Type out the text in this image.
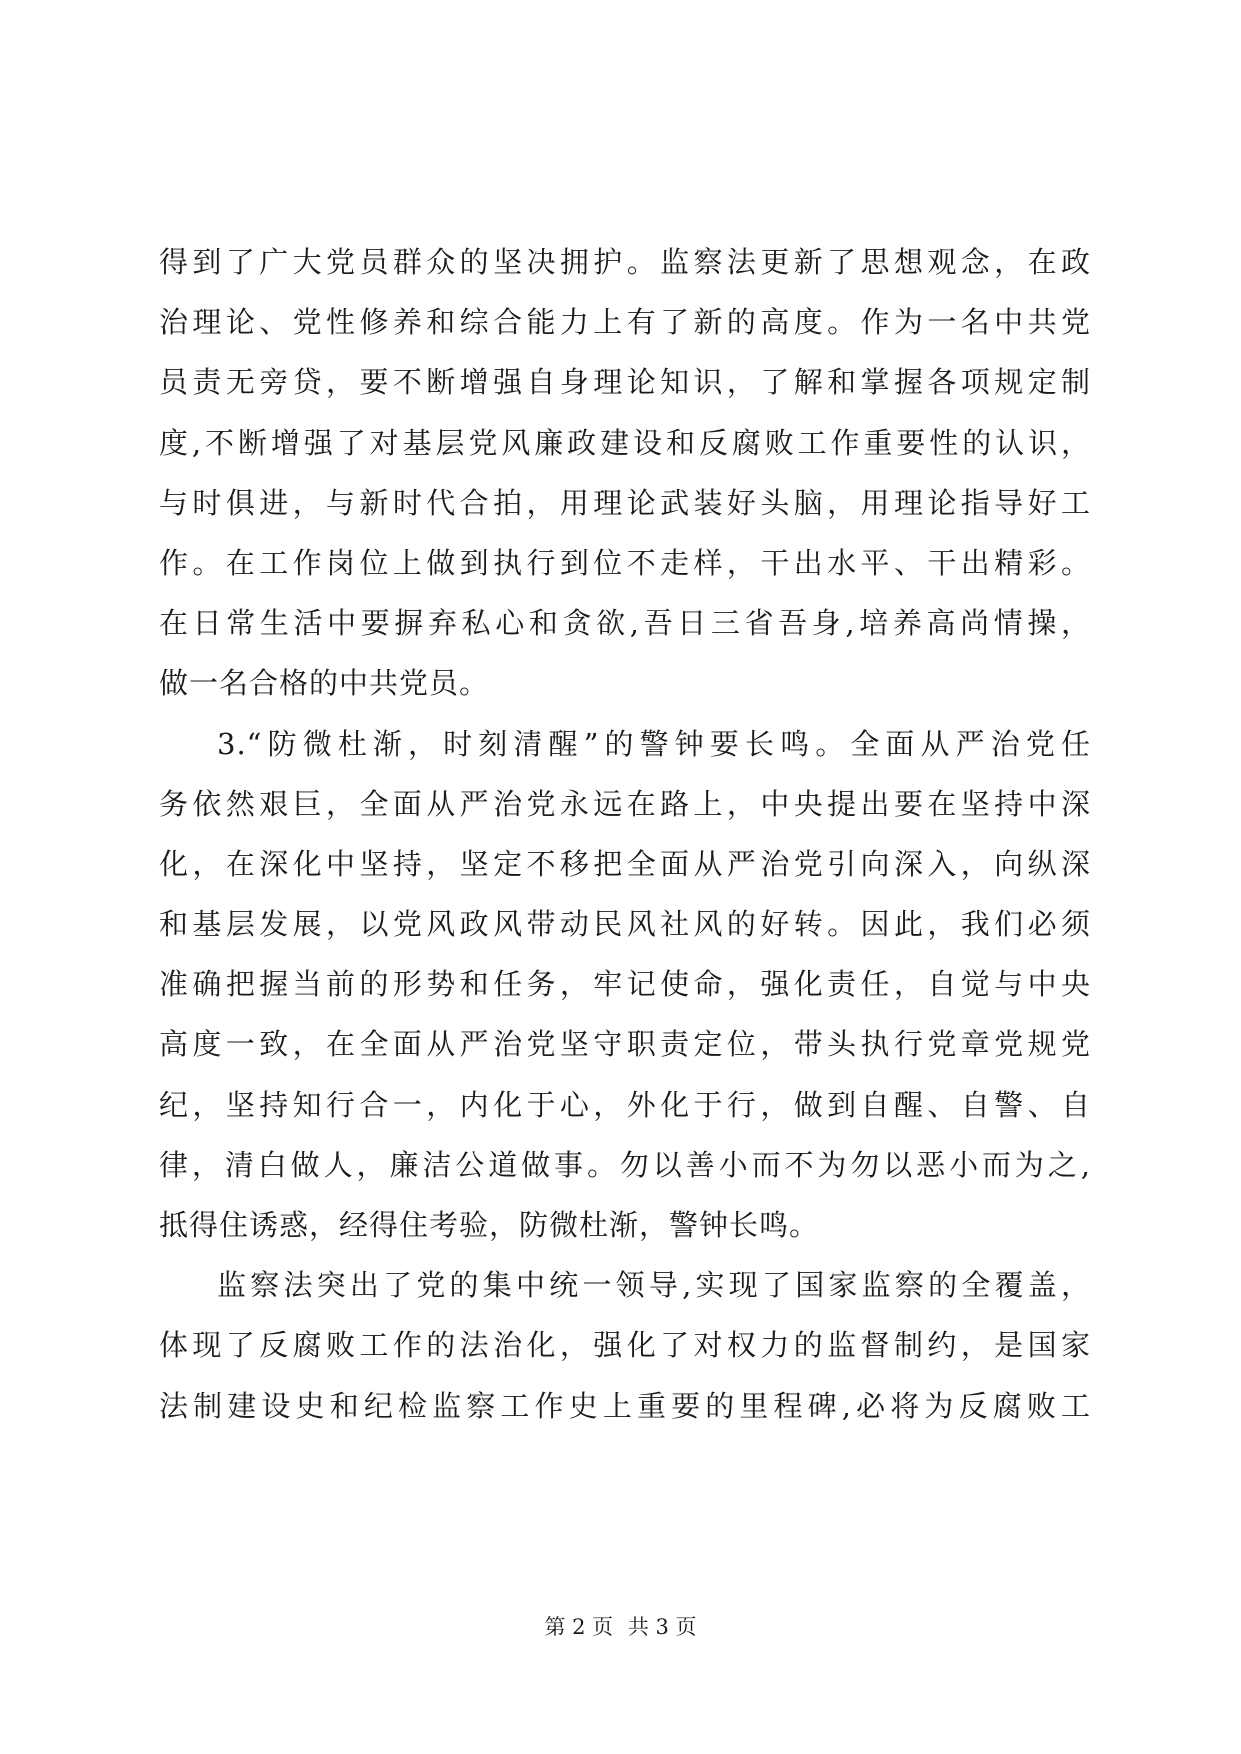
得到了广大党员群众的坚决拥护。监察法更新了思想观念，在政
治理论、党性修养和综合能力上有了新的高度。作为一名中共党
员责无旁贷，要不断增强自身理论知识，了解和掌握各项规定制
度,不断增强了对基层党风廉政建设和反腐败工作重要性的认识，
与时俱进，与新时代合拍，用理论武装好头脑，用理论指导好工
作。在工作岗位上做到执行到位不走样，干出水平、干出精彩。
在日常生活中要摒弃私心和贪欲,吾日三省吾身,培养高尚情操，
做一名合格的中共党员。
3.“防微杜渐，时刻清醒”的警钟要长鸣。全面从严治党任
务依然艰巨，全面从严治党永远在路上，中央提出要在坚持中深
化，在深化中坚持，坚定不移把全面从严治党引向深入，向纵深
和基层发展，以党风政风带动民风社风的好转。因此，我们必须
准确把握当前的形势和任务，牢记使命，强化责任，自觉与中央
高度一致，在全面从严治党坚守职责定位，带头执行党章党规党
纪，坚持知行合一，内化于心，外化于行，做到自醒、自警、自
律，清白做人，廉洁公道做事。勿以善小而不为勿以恶小而为之,
抵得住诱惑，经得住考验，防微杜渐，警钟长鸣。
监察法突出了党的集中统一领导,实现了国家监察的全覆盖，
体现了反腐败工作的法治化，强化了对权力的监督制约，是国家
法制建设史和纪检监察工作史上重要的里程碑,必将为反腐败工
第 2 页 共 3 页
